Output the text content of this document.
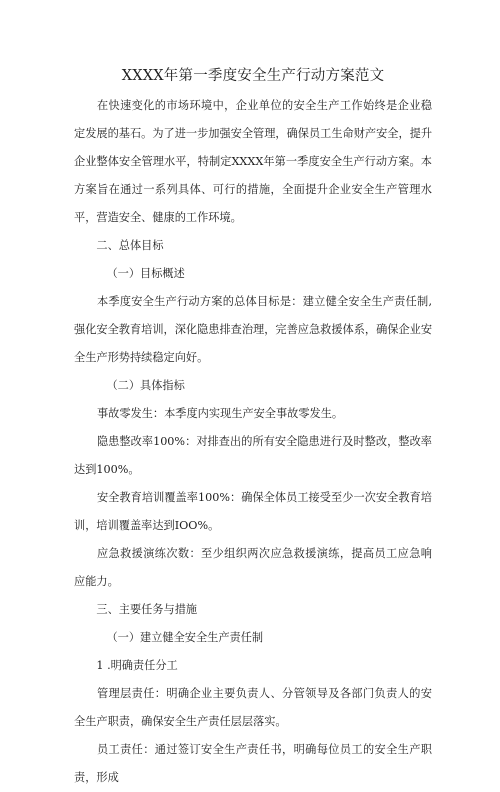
XXXX年第一季度安全生产行动方案范文

在快速变化的市场环境中，企业单位的安全生产工作始终是企业稳定发展的基石。为了进一步加强安全管理，确保员工生命财产安全，提升企业整体安全管理水平，特制定XXXX年第一季度安全生产行动方案。本方案旨在通过一系列具体、可行的措施，全面提升企业安全生产管理水平，营造安全、健康的工作环境。

二、总体目标

（一）目标概述

本季度安全生产行动方案的总体目标是：建立健全安全生产责任制,强化安全教育培训，深化隐患排查治理，完善应急救援体系，确保企业安全生产形势持续稳定向好。

（二）具体指标

事故零发生：本季度内实现生产安全事故零发生。

隐患整改率100%：对排查出的所有安全隐患进行及时整改，整改率达到100%。

安全教育培训覆盖率100%：确保全体员工接受至少一次安全教育培训，培训覆盖率达到IOO%。

应急救援演练次数：至少组织两次应急救援演练，提高员工应急响应能力。

三、主要任务与措施

（一）建立健全安全生产责任制

1 .明确责任分工

管理层责任：明确企业主要负责人、分管领导及各部门负责人的安全生产职责，确保安全生产责任层层落实。

员工责任：通过签订安全生产责任书，明确每位员工的安全生产职责，形成
